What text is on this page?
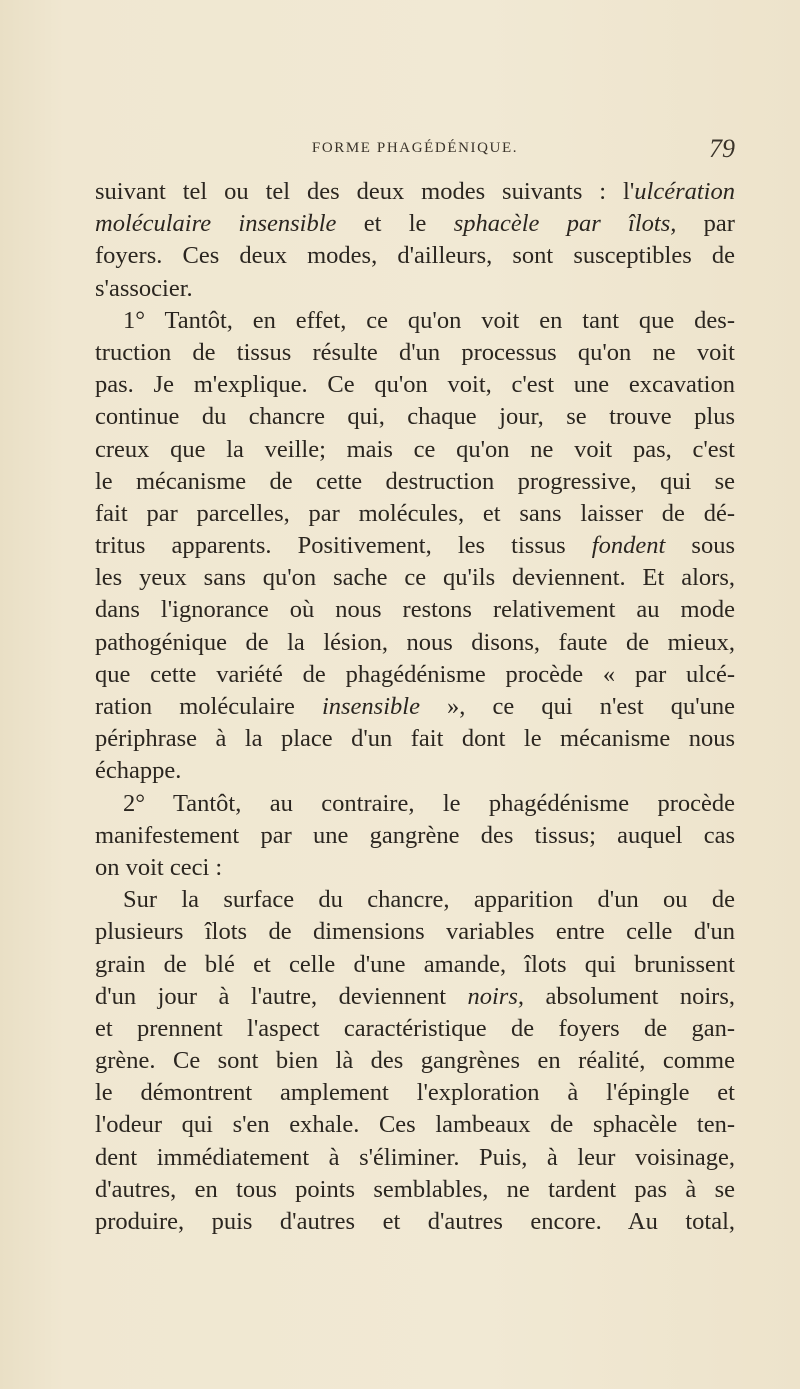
FORME PHAGÉDÉNIQUE.	79
suivant tel ou tel des deux modes suivants : l'ulcération
moléculaire insensible et le sphacèle par îlots, par
foyers. Ces deux modes, d'ailleurs, sont susceptibles de
s'associer.
1° Tantôt, en effet, ce qu'on voit en tant que des-
truction de tissus résulte d'un processus qu'on ne voit
pas. Je m'explique. Ce qu'on voit, c'est une excavation
continue du chancre qui, chaque jour, se trouve plus
creux que la veille; mais ce qu'on ne voit pas, c'est
le mécanisme de cette destruction progressive, qui se
fait par parcelles, par molécules, et sans laisser de dé-
tritus apparents. Positivement, les tissus fondent sous
les yeux sans qu'on sache ce qu'ils deviennent. Et alors,
dans l'ignorance où nous restons relativement au mode
pathogénique de la lésion, nous disons, faute de mieux,
que cette variété de phagédénisme procède « par ulcé-
ration moléculaire insensible », ce qui n'est qu'une
périphrase à la place d'un fait dont le mécanisme nous
échappe.
2° Tantôt, au contraire, le phagédénisme procède
manifestement par une gangrène des tissus; auquel cas
on voit ceci :
Sur la surface du chancre, apparition d'un ou de
plusieurs îlots de dimensions variables entre celle d'un
grain de blé et celle d'une amande, îlots qui brunissent
d'un jour à l'autre, deviennent noirs, absolument noirs,
et prennent l'aspect caractéristique de foyers de gan-
grène. Ce sont bien là des gangrènes en réalité, comme
le démontrent amplement l'exploration à l'épingle et
l'odeur qui s'en exhale. Ces lambeaux de sphacèle ten-
dent immédiatement à s'éliminer. Puis, à leur voisinage,
d'autres, en tous points semblables, ne tardent pas à se
produire, puis d'autres et d'autres encore. Au total,
